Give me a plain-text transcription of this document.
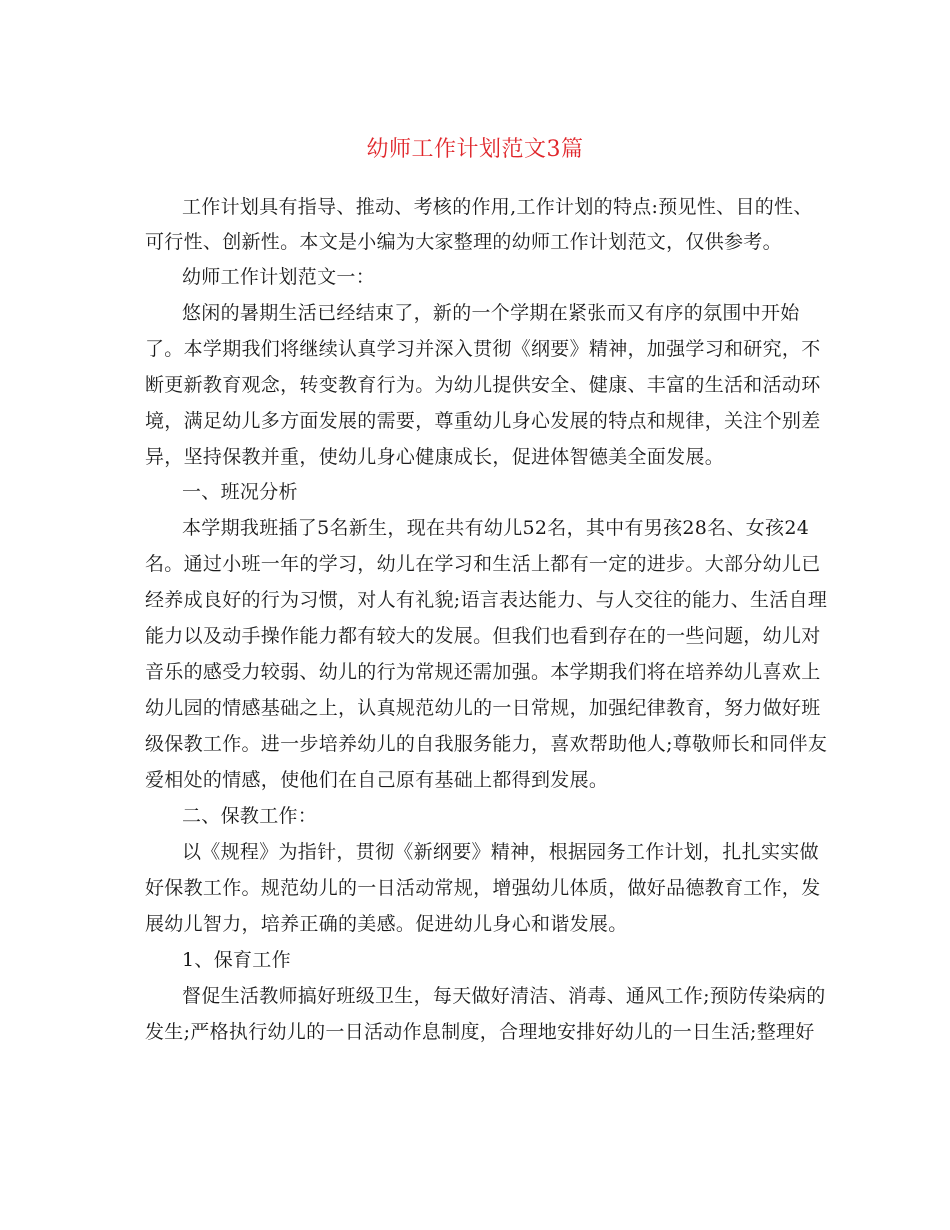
幼师工作计划范文3篇

工作计划具有指导、推动、考核的作用,工作计划的特点:预见性、目的性、

可行性、创新性。本文是小编为大家整理的幼师工作计划范文，仅供参考。

幼师工作计划范文一：

悠闲的暑期生活已经结束了，新的一个学期在紧张而又有序的氛围中开始

了。本学期我们将继续认真学习并深入贯彻《纲要》精神，加强学习和研究，不

断更新教育观念，转变教育行为。为幼儿提供安全、健康、丰富的生活和活动环

境，满足幼儿多方面发展的需要，尊重幼儿身心发展的特点和规律，关注个别差

异，坚持保教并重，使幼儿身心健康成长，促进体智德美全面发展。

一、班况分析

本学期我班插了5名新生，现在共有幼儿52名，其中有男孩28名、女孩24

名。通过小班一年的学习，幼儿在学习和生活上都有一定的进步。大部分幼儿已

经养成良好的行为习惯，对人有礼貌;语言表达能力、与人交往的能力、生活自理

能力以及动手操作能力都有较大的发展。但我们也看到存在的一些问题，幼儿对

音乐的感受力较弱、幼儿的行为常规还需加强。本学期我们将在培养幼儿喜欢上

幼儿园的情感基础之上，认真规范幼儿的一日常规，加强纪律教育，努力做好班

级保教工作。进一步培养幼儿的自我服务能力，喜欢帮助他人;尊敬师长和同伴友

爱相处的情感，使他们在自己原有基础上都得到发展。

二、保教工作：

以《规程》为指针，贯彻《新纲要》精神，根据园务工作计划，扎扎实实做

好保教工作。规范幼儿的一日活动常规，增强幼儿体质，做好品德教育工作，发

展幼儿智力，培养正确的美感。促进幼儿身心和谐发展。

1、保育工作

督促生活教师搞好班级卫生，每天做好清洁、消毒、通风工作;预防传染病的

发生;严格执行幼儿的一日活动作息制度，合理地安排好幼儿的一日生活;整理好
